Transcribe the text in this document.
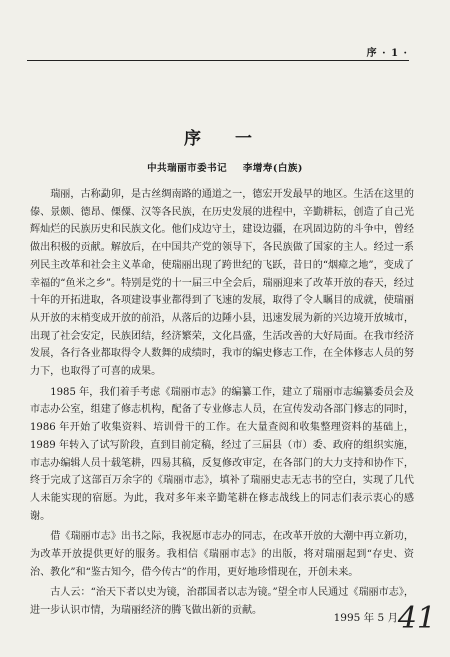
序 · 1 ·
序 一
中共瑞丽市委书记 李增寿(白族)

瑞丽，古称勐卯，是古丝绸南路的通道之一，德宏开发最早的地区。生活在这里的傣、景颇、德昂、傈僳、汉等各民族，在历史发展的进程中，辛勤耕耘，创造了自己光辉灿烂的民族历史和民族文化。他们戍边守土，建设边疆，在巩固边防的斗争中，曾经做出积极的贡献。解放后，在中国共产党的领导下，各民族做了国家的主人。经过一系列民主改革和社会主义革命，使瑞丽出现了跨世纪的飞跃，昔日的“烟瘴之地”，变成了幸福的“鱼米之乡”。特别是党的十一届三中全会后，瑞丽迎来了改革开放的春天，经过十年的开拓进取，各项建设事业都得到了飞速的发展，取得了令人瞩目的成就，使瑞丽从开放的末梢变成开放的前沿，从落后的边陲小县，迅速发展为新的兴边境开放城市，出现了社会安定，民族团结，经济繁荣，文化昌盛，生活改善的大好局面。在我市经济发展，各行各业都取得令人数舞的成绩时，我市的编史修志工作，在全体修志人员的努力下，也取得了可喜的成果。

1985 年，我们着手考虑《瑞丽市志》的编纂工作，建立了瑞丽市志编纂委员会及市志办公室，组建了修志机构，配备了专业修志人员，在宣传发动各部门修志的同时，1986 年开始了收集资料、培训骨干的工作。在大量查阅和收集整理资料的基础上，1989 年转入了试写阶段，直到目前定稿，经过了三届县（市）委、政府的组织实施，市志办编辑人员十载笔耕，四易其稿，反复修改审定，在各部门的大力支持和协作下，终于完成了这部百万余字的《瑞丽市志》，填补了瑞丽史志无志书的空白，实现了几代人未能实现的宿愿。为此，我对多年来辛勤笔耕在修志战线上的同志们表示衷心的感谢。

借《瑞丽市志》出书之际，我祝愿市志办的同志，在改革开放的大潮中再立新功，为改革开放提供更好的服务。我相信《瑞丽市志》的出版，将对瑞丽起到“存史、资治、教化”和“鉴古知今，借今传古”的作用，更好地珍惜现在，开创未来。

古人云：“治天下者以史为镜，治郡国者以志为镜。”望全市人民通过《瑞丽市志》，进一步认识市情，为瑞丽经济的腾飞做出新的贡献。

1995 年 5 月 41
